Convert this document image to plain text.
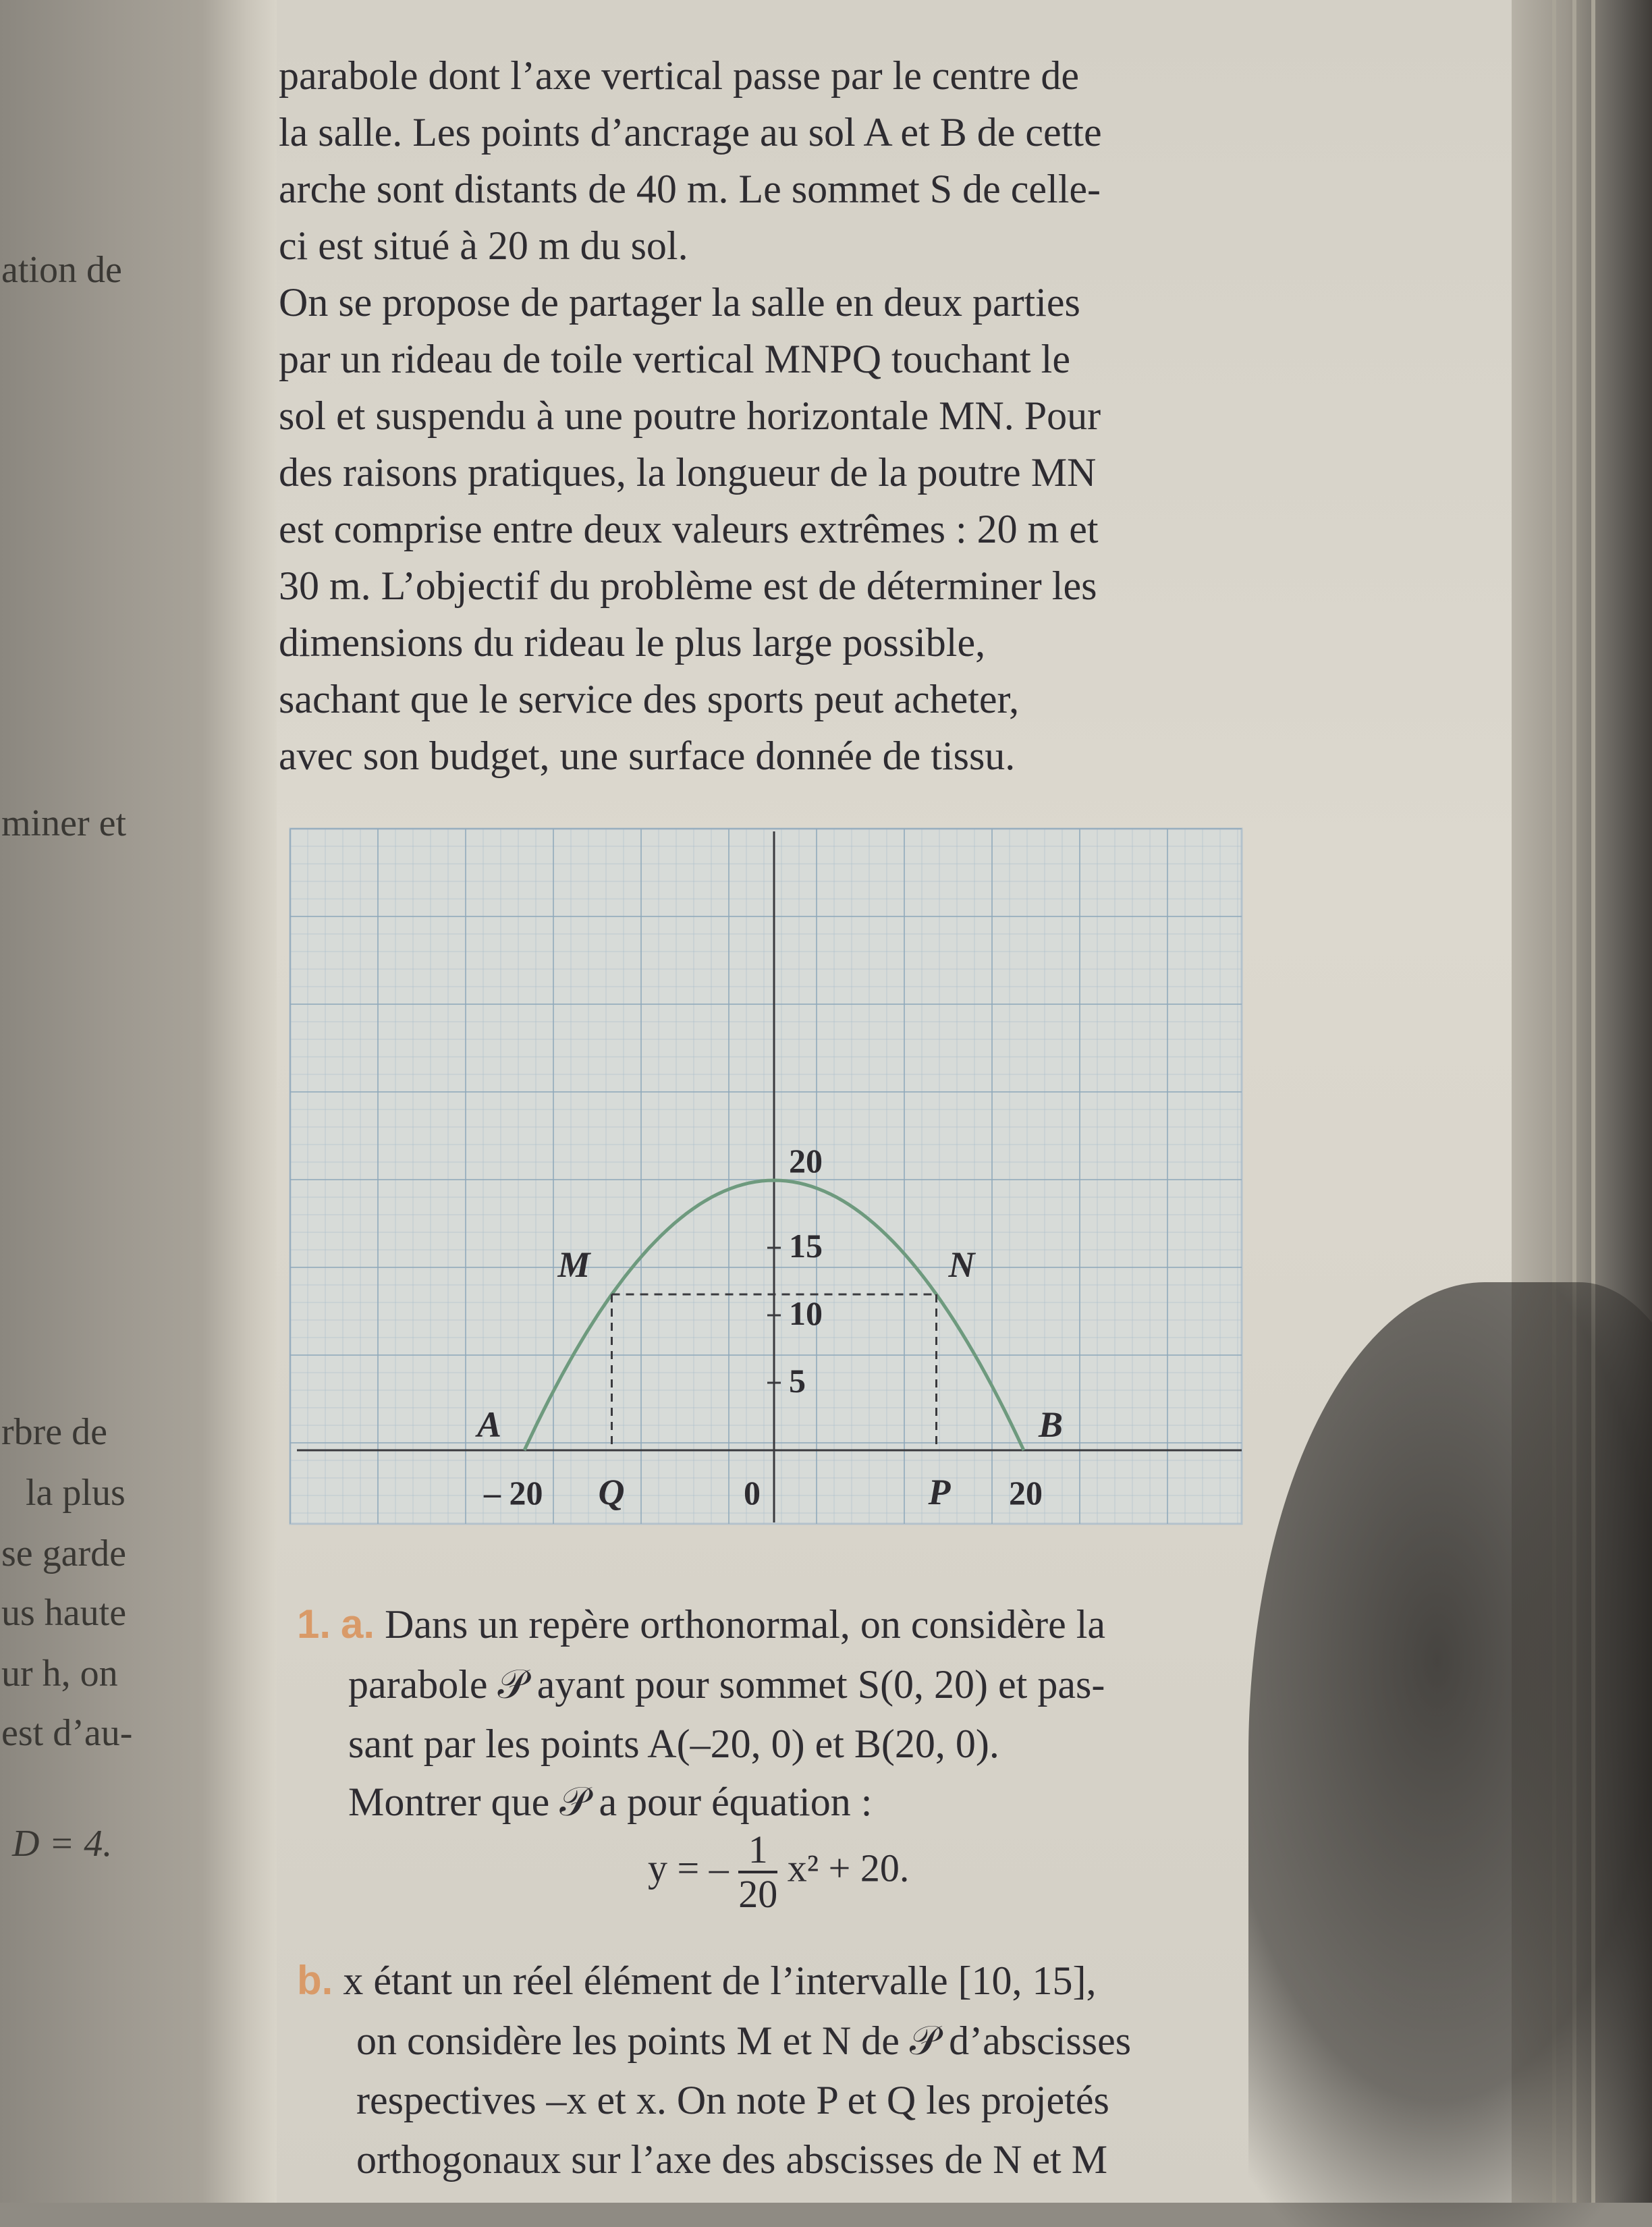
ation de
miner et
rbre de
la plus
se garde
us haute
ur h, on
est d’au-
D = 4.
parabole dont l’axe vertical passe par le centre de
la salle. Les points d’ancrage au sol A et B de cette
arche sont distants de 40 m. Le sommet S de celle-
ci est situé à 20 m du sol.
On se propose de partager la salle en deux parties
par un rideau de toile vertical MNPQ touchant le
sol et suspendu à une poutre horizontale MN. Pour
des raisons pratiques, la longueur de la poutre MN
est comprise entre deux valeurs extrêmes : 20 m et
30 m. L’objectif du problème est de déterminer les
dimensions du rideau le plus large possible,
sachant que le service des sports peut acheter,
avec son budget, une surface donnée de tissu.
5
10
15
20
– 20	0	20
A	B
M	N
P
Q
1. a. Dans un repère orthonormal, on considère la
parabole 𝒫 ayant pour sommet S(0, 20) et pas-
sant par les points A(–20, 0) et B(20, 0).
Montrer que 𝒫 a pour équation :
y = – $\frac{1}{20} x^2 + 20$.
b. x étant un réel élément de l’intervalle [10, 15],
on considère les points M et N de 𝒫 d’abscisses
respectives –x et x. On note P et Q les projetés
orthogonaux sur l’axe des abscisses de N et M
